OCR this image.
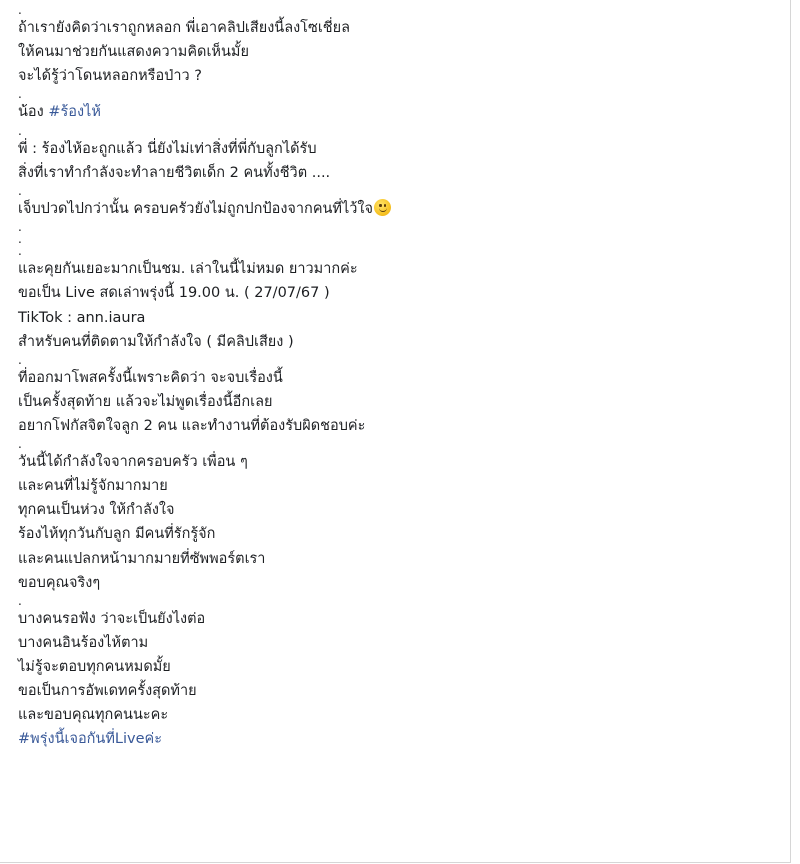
.
ถ้าเรายังคิดว่าเราถูกหลอก พี่เอาคลิปเสียงนี้ลงโซเชี่ยล
ให้คนมาช่วยกันแสดงความคิดเห็นมั้ย
จะได้รู้ว่าโดนหลอกหรือป่าว ?
.
น้อง #ร้องไห้
.
พี่ : ร้องไห้อะถูกแล้ว นี่ยังไม่เท่าสิ่งที่พี่กับลูกได้รับ
สิ่งที่เราทำกำลังจะทำลายชีวิตเด็ก 2 คนทั้งชีวิต ....
.
เจ็บปวดไปกว่านั้น ครอบครัวยังไม่ถูกปกป้องจากคนที่ไว้ใจ
.
.
.
และคุยกันเยอะมากเป็นชม. เล่าในนี้ไม่หมด ยาวมากค่ะ
ขอเป็น Live สดเล่าพรุ่งนี้ 19.00 น. ( 27/07/67 )
TikTok : ann.iaura
สำหรับคนที่ติดตามให้กำลังใจ ( มีคลิปเสียง )
.
ที่ออกมาโพสครั้งนี้เพราะคิดว่า จะจบเรื่องนี้
เป็นครั้งสุดท้าย แล้วจะไม่พูดเรื่องนี้อีกเลย
อยากโฟกัสจิตใจลูก 2 คน และทำงานที่ต้องรับผิดชอบค่ะ
.
วันนี้ได้กำลังใจจากครอบครัว เพื่อน ๆ
และคนที่ไม่รู้จักมากมาย
ทุกคนเป็นห่วง ให้กำลังใจ
ร้องไห้ทุกวันกับลูก มีคนที่รักรู้จัก
และคนแปลกหน้ามากมายที่ซัพพอร์ตเรา
ขอบคุณจริงๆ
.
บางคนรอฟัง ว่าจะเป็นยังไงต่อ
บางคนอินร้องไห้ตาม
ไม่รู้จะตอบทุกคนหมดมั้ย
ขอเป็นการอัพเดทครั้งสุดท้าย
และขอบคุณทุกคนนะคะ
#พรุ่งนี้เจอกันที่Liveค่ะ
